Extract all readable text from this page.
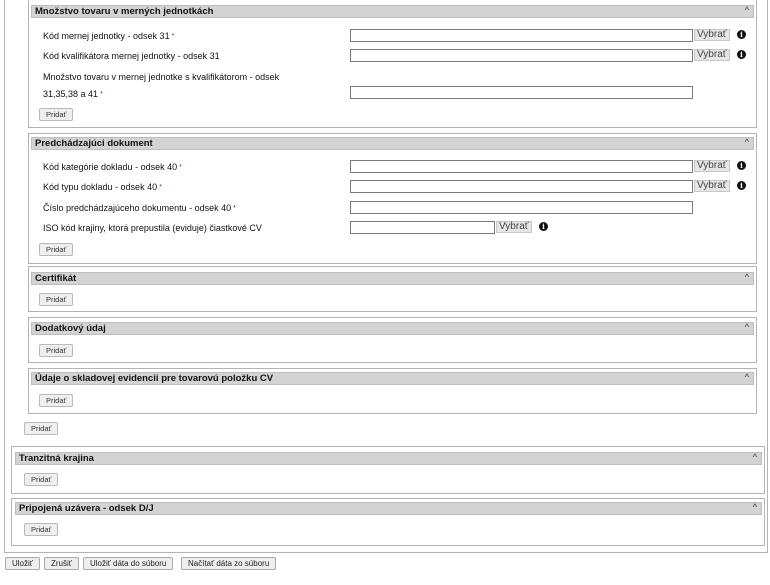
Množstvo tovaru v merných jednotkách	^
Kód mernej jednotky - odsek 31 *	Vybrať	i
Kód kvalifikátora mernej jednotky - odsek 31	Vybrať	i
Množstvo tovaru v mernej jednotke s kvalifikátorom - odsek
31,35,38 a 41 *
Pridať
Predchádzajúci dokument	^
Kód kategórie dokladu - odsek 40 *	Vybrať	i
Kód typu dokladu - odsek 40 *	Vybrať	i
Číslo predchádzajúceho dokumentu - odsek 40 *
ISO kód krajiny, ktorá prepustila (eviduje) čiastkové CV	Vybrať	i
Pridať
Certifikát	^
Pridať
Dodatkový údaj	^
Pridať
Údaje o skladovej evidencii pre tovarovú položku CV	^
Pridať
Pridať
Tranzitná krajina	^
Pridať
Pripojená uzávera - odsek D/J	^
Pridať
Uložiť	Zrušiť	Uložiť dáta do súboru	Načítať dáta zo súboru
